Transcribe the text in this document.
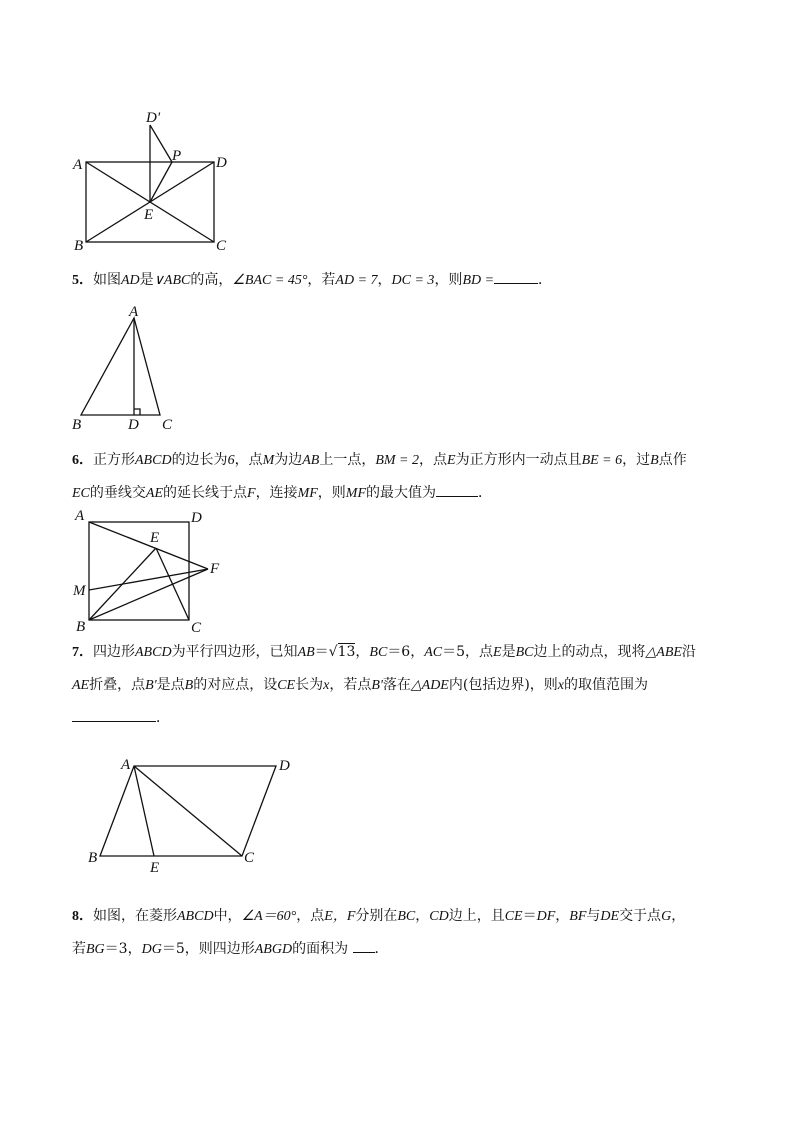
D'
P
A	D
E
B	C
5．如图AD是∨ABC的高，∠BAC = 45°，若AD = 7，DC = 3，则BD =	．
A
B	D C
6．正方形ABCD的边长为6，点M为边AB上一点，BM = 2，点E为正方形内一动点且BE = 6，过B点作
EC的垂线交AE的延长线于点F，连接MF，则MF的最大值为	．
A	D
E
F
M
B	C
7．四边形ABCD为平行四边形，已知AB＝√13，BC＝6，AC＝5，点E是BC边上的动点，现将△ABE沿
AE折叠，点B'是点B的对应点，设CE长为x，若点B'落在△ADE内(包括边界)，则x的取值范围为
．
A	D
B
E
C
8．如图，在菱形ABCD中，∠A＝60°，点E，F分别在BC，CD边上，且CE＝DF，BF与DE交于点G，
若BG＝3，DG＝5，则四边形ABGD的面积为 ．
